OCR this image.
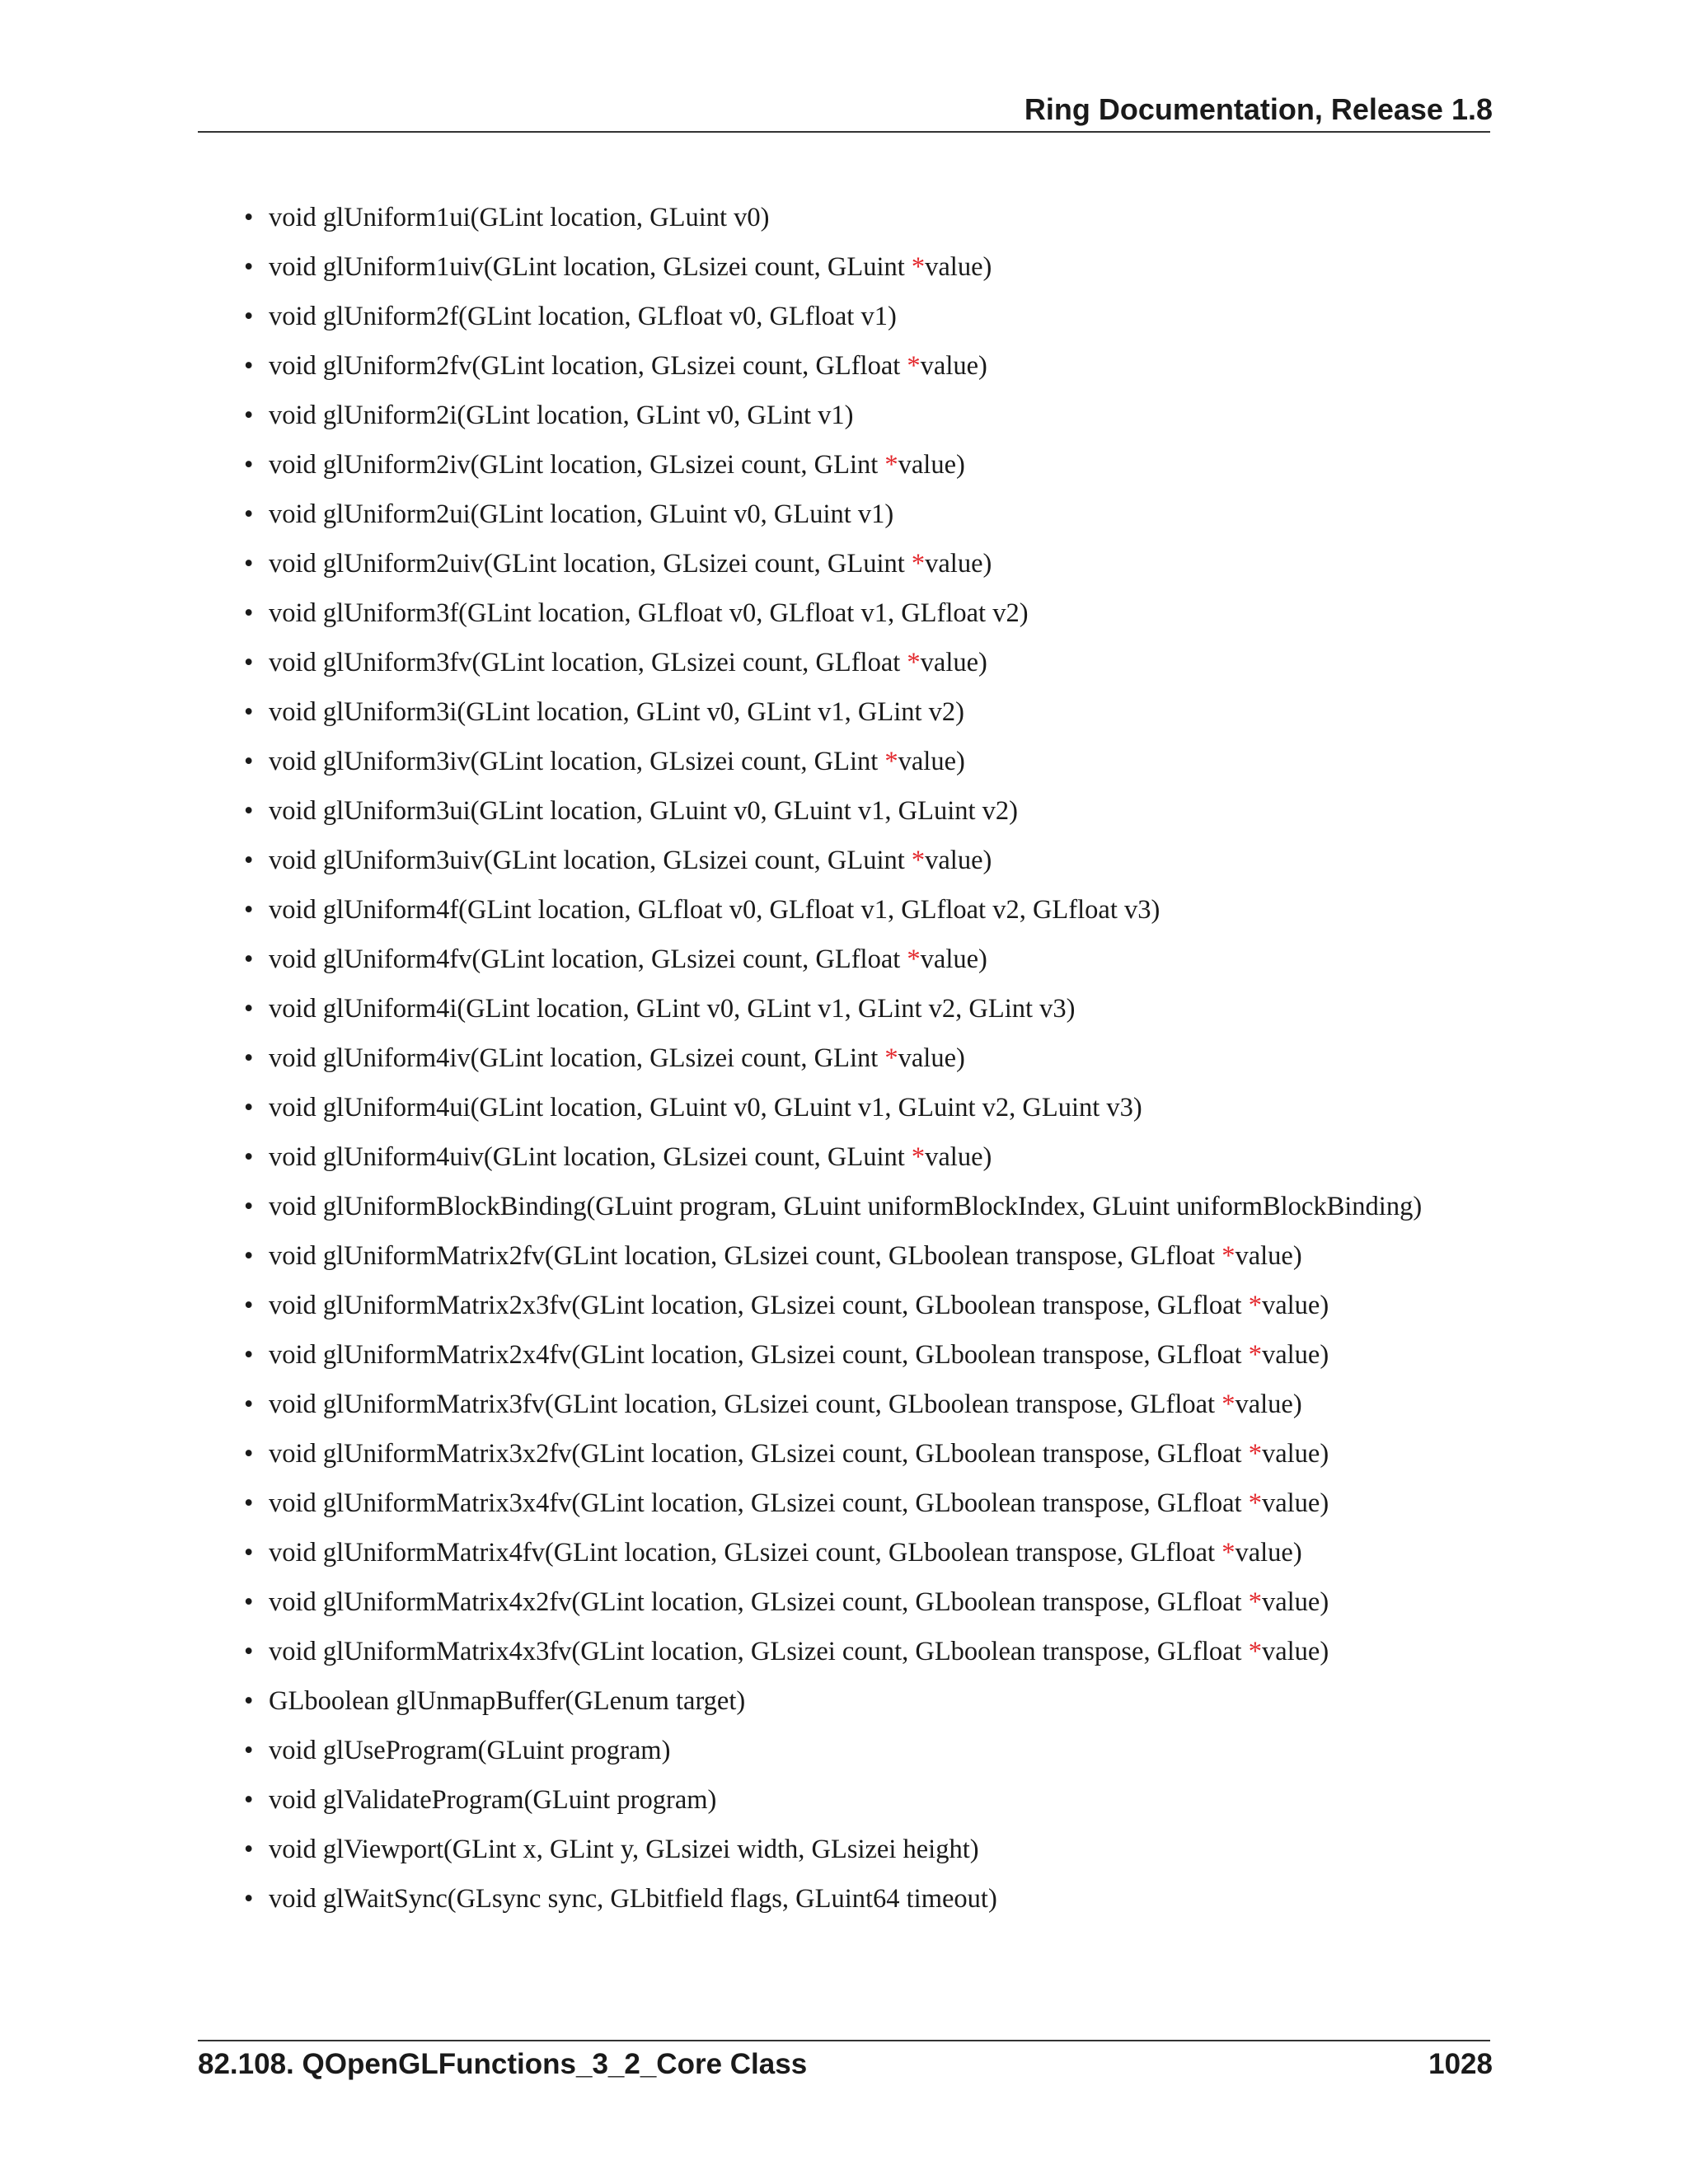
Ring Documentation, Release 1.8
• void glUniform1ui(GLint location, GLuint v0)
• void glUniform1uiv(GLint location, GLsizei count, GLuint *value)
• void glUniform2f(GLint location, GLfloat v0, GLfloat v1)
• void glUniform2fv(GLint location, GLsizei count, GLfloat *value)
• void glUniform2i(GLint location, GLint v0, GLint v1)
• void glUniform2iv(GLint location, GLsizei count, GLint *value)
• void glUniform2ui(GLint location, GLuint v0, GLuint v1)
• void glUniform2uiv(GLint location, GLsizei count, GLuint *value)
• void glUniform3f(GLint location, GLfloat v0, GLfloat v1, GLfloat v2)
• void glUniform3fv(GLint location, GLsizei count, GLfloat *value)
• void glUniform3i(GLint location, GLint v0, GLint v1, GLint v2)
• void glUniform3iv(GLint location, GLsizei count, GLint *value)
• void glUniform3ui(GLint location, GLuint v0, GLuint v1, GLuint v2)
• void glUniform3uiv(GLint location, GLsizei count, GLuint *value)
• void glUniform4f(GLint location, GLfloat v0, GLfloat v1, GLfloat v2, GLfloat v3)
• void glUniform4fv(GLint location, GLsizei count, GLfloat *value)
• void glUniform4i(GLint location, GLint v0, GLint v1, GLint v2, GLint v3)
• void glUniform4iv(GLint location, GLsizei count, GLint *value)
• void glUniform4ui(GLint location, GLuint v0, GLuint v1, GLuint v2, GLuint v3)
• void glUniform4uiv(GLint location, GLsizei count, GLuint *value)
• void glUniformBlockBinding(GLuint program, GLuint uniformBlockIndex, GLuint uniformBlockBinding)
• void glUniformMatrix2fv(GLint location, GLsizei count, GLboolean transpose, GLfloat *value)
• void glUniformMatrix2x3fv(GLint location, GLsizei count, GLboolean transpose, GLfloat *value)
• void glUniformMatrix2x4fv(GLint location, GLsizei count, GLboolean transpose, GLfloat *value)
• void glUniformMatrix3fv(GLint location, GLsizei count, GLboolean transpose, GLfloat *value)
• void glUniformMatrix3x2fv(GLint location, GLsizei count, GLboolean transpose, GLfloat *value)
• void glUniformMatrix3x4fv(GLint location, GLsizei count, GLboolean transpose, GLfloat *value)
• void glUniformMatrix4fv(GLint location, GLsizei count, GLboolean transpose, GLfloat *value)
• void glUniformMatrix4x2fv(GLint location, GLsizei count, GLboolean transpose, GLfloat *value)
• void glUniformMatrix4x3fv(GLint location, GLsizei count, GLboolean transpose, GLfloat *value)
• GLboolean glUnmapBuffer(GLenum target)
• void glUseProgram(GLuint program)
• void glValidateProgram(GLuint program)
• void glViewport(GLint x, GLint y, GLsizei width, GLsizei height)
• void glWaitSync(GLsync sync, GLbitfield flags, GLuint64 timeout)
82.108. QOpenGLFunctions_3_2_Core Class	1028
